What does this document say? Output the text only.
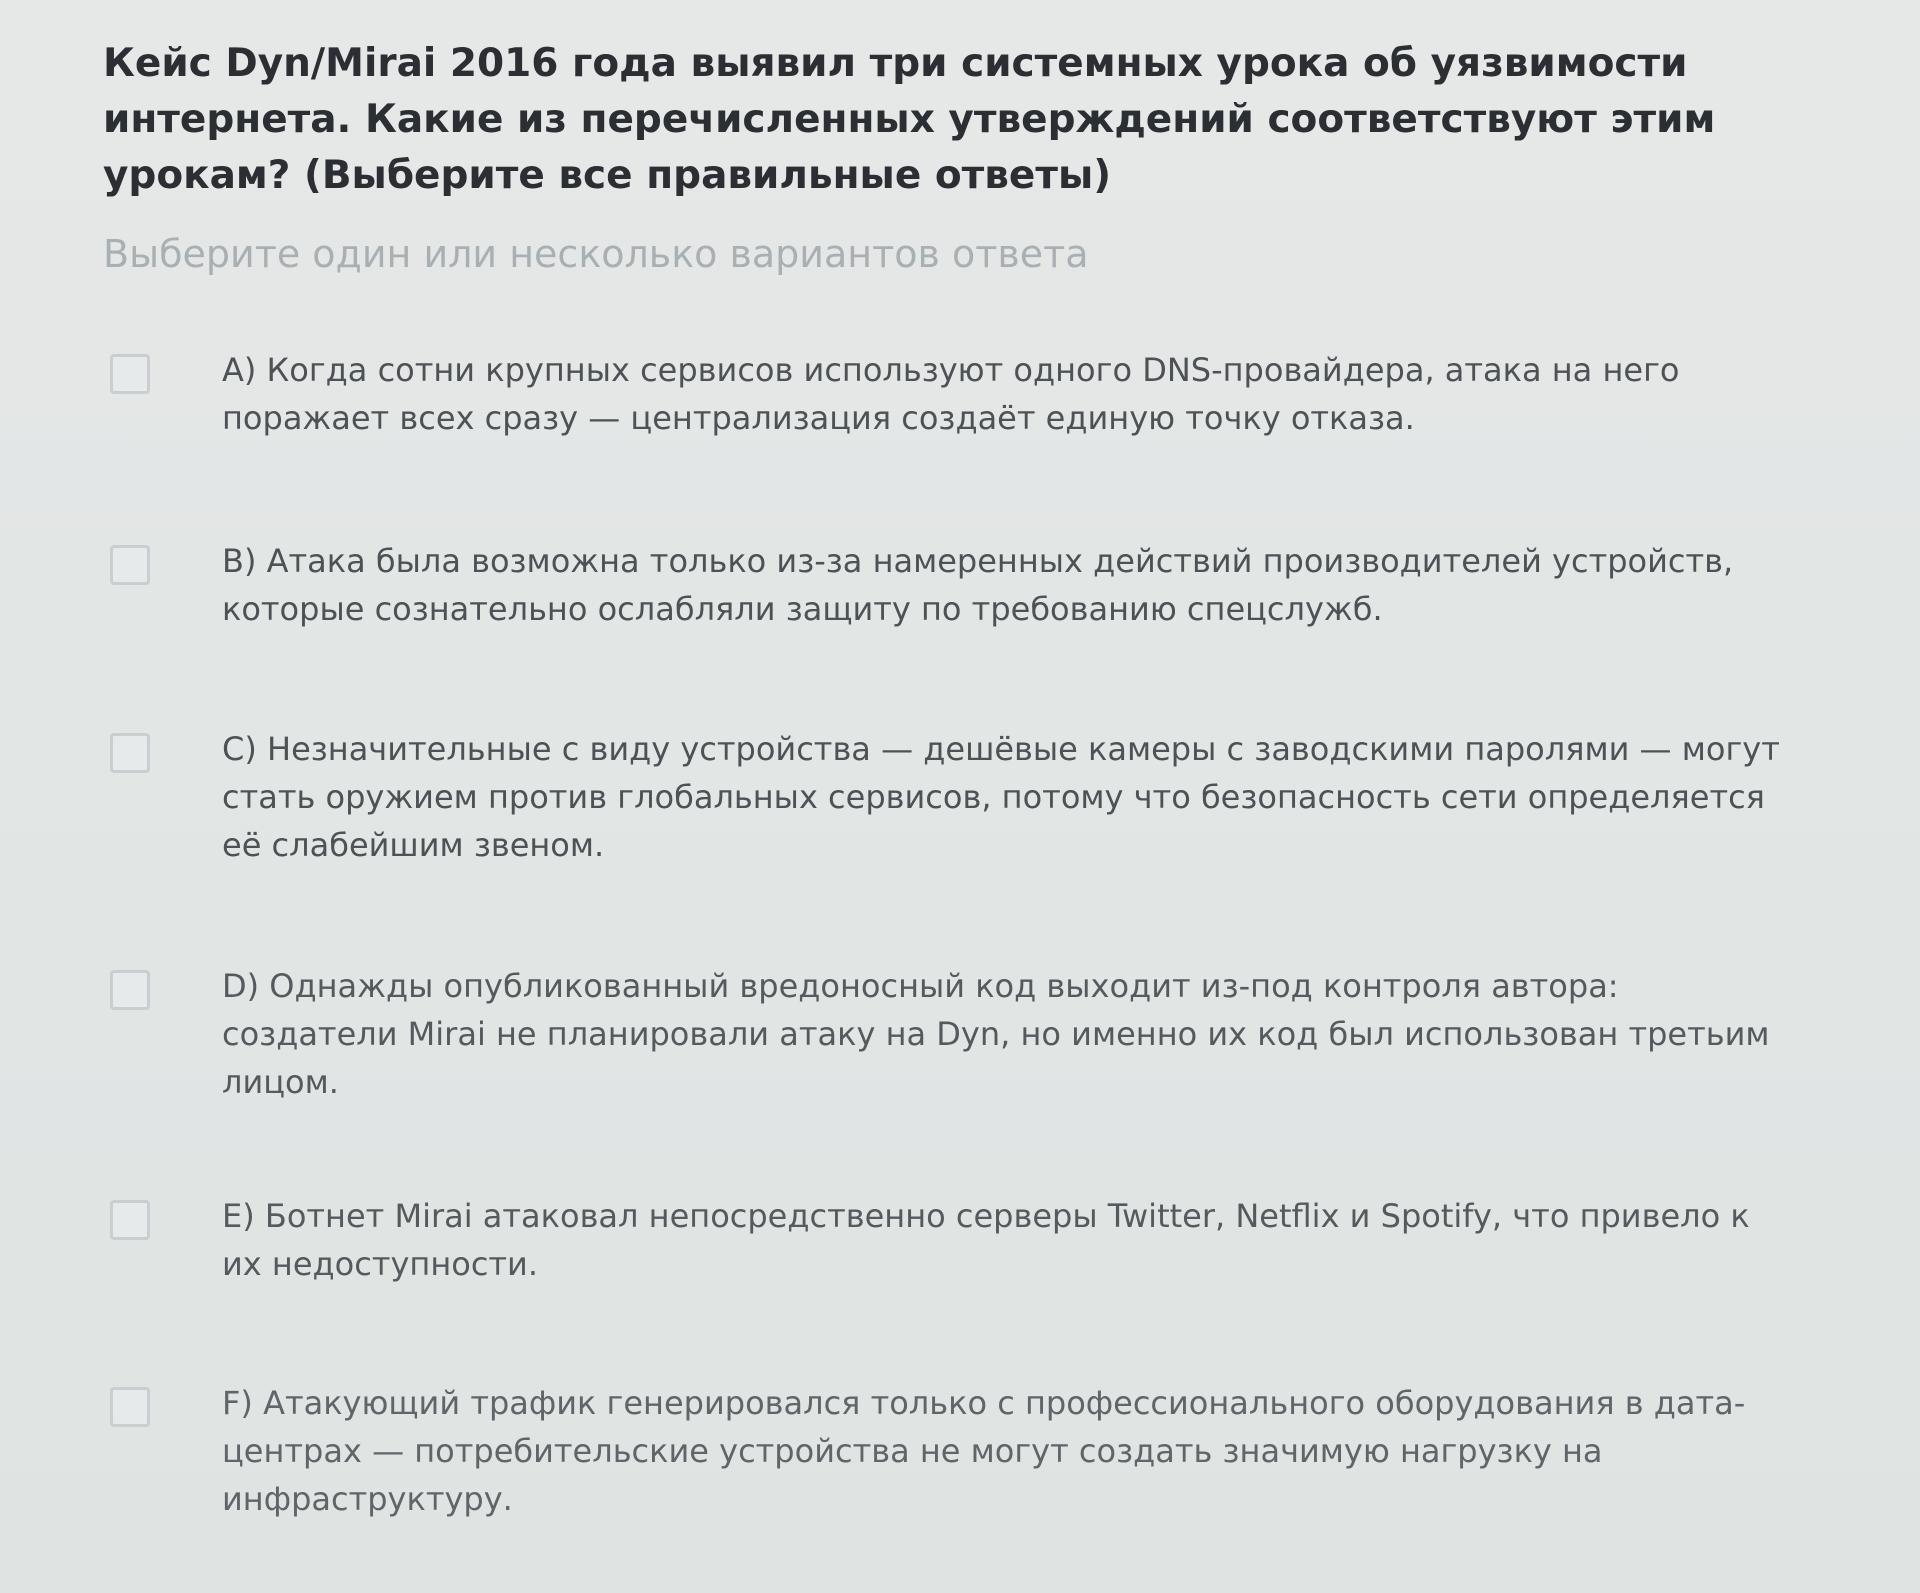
Кейс Dyn/Mirai 2016 года выявил три системных урока об уязвимости интернета. Какие из перечисленных утверждений соответствуют этим урокам? (Выберите все правильные ответы)
Выберите один или несколько вариантов ответа
A) Когда сотни крупных сервисов используют одного DNS-провайдера, атака на него поражает всех сразу — централизация создаёт единую точку отказа.
B) Атака была возможна только из-за намеренных действий производителей устройств, которые сознательно ослабляли защиту по требованию спецслужб.
C) Незначительные с виду устройства — дешёвые камеры с заводскими паролями — могут стать оружием против глобальных сервисов, потому что безопасность сети определяется её слабейшим звеном.
D) Однажды опубликованный вредоносный код выходит из-под контроля автора: создатели Mirai не планировали атаку на Dyn, но именно их код был использован третьим лицом.
E) Ботнет Mirai атаковал непосредственно серверы Twitter, Netflix и Spotify, что привело к их недоступности.
F) Атакующий трафик генерировался только с профессионального оборудования в дата-центрах — потребительские устройства не могут создать значимую нагрузку на инфраструктуру.
